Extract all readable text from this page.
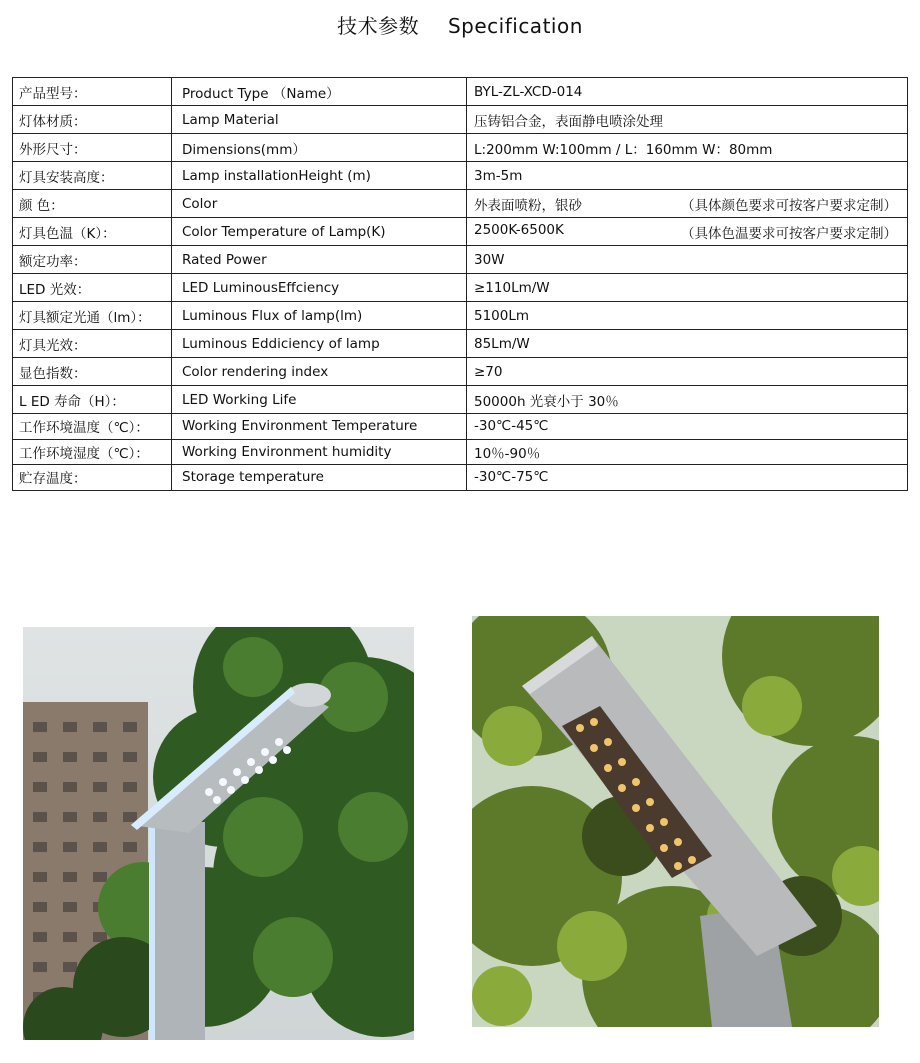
技术参数 Specification
产品型号：	Product Type （Name）	BYL-ZL-XCD-014
灯体材质：	Lamp Material	压铸铝合金，表面静电喷涂处理
外形尺寸：	Dimensions(mm）	L:200mm W:100mm / L：160mm W：80mm
灯具安装高度：	Lamp installationHeight (m)	3m-5m
颜 色：	Color	外表面喷粉，银砂 （具体颜色要求可按客户要求定制）

灯具色温（K）：	Color Temperature of Lamp(K)	2500K-6500K （具体色温要求可按客户要求定制）

额定功率：	Rated Power	30W
LED 光效：	LED LuminousEffciency	≥110Lm/W
灯具额定光通（lm）：	Luminous Flux of lamp(lm)	5100Lm
灯具光效：	Luminous Eddiciency of lamp	85Lm/W
显色指数：	Color rendering index	≥70
L ED 寿命（H）：	LED Working Life	50000h 光衰小于 30％
工作环境温度（℃）：	Working Environment Temperature	-30℃-45℃
工作环境湿度（℃）：	Working Environment humidity	10％-90％
贮存温度：	Storage temperature	-30℃-75℃
